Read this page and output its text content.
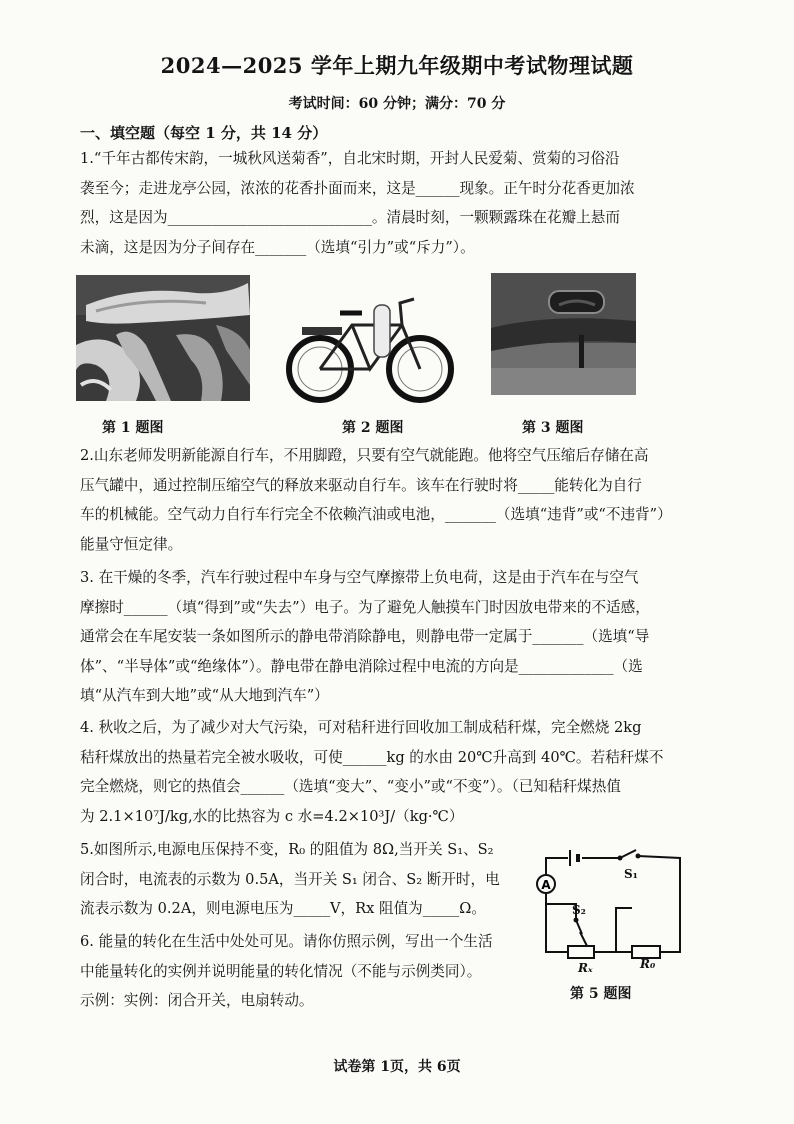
2024—2025 学年上期九年级期中考试物理试题
考试时间：60 分钟；满分：70 分
一、填空题（每空 1 分，共 14 分）
1.“千年古都传宋韵，一城秋风送菊香”，自北宋时期，开封人民爱菊、赏菊的习俗沿
袭至今；走进龙亭公园，浓浓的花香扑面而来，这是______现象。正午时分花香更加浓
烈，这是因为____________________________。清晨时刻，一颗颗露珠在花瓣上悬而
未滴，这是因为分子间存在_______（选填“引力”或“斥力”）。
第 1 题图	第 2 题图	第 3 题图
2.山东老师发明新能源自行车，不用脚蹬，只要有空气就能跑。他将空气压缩后存储在高
压气罐中，通过控制压缩空气的释放来驱动自行车。该车在行驶时将_____能转化为自行
车的机械能。空气动力自行车行完全不依赖汽油或电池，_______（选填“违背”或“不违背”）
能量守恒定律。
3. 在干燥的冬季，汽车行驶过程中车身与空气摩擦带上负电荷，这是由于汽车在与空气
摩擦时______（填“得到”或“失去”）电子。为了避免人触摸车门时因放电带来的不适感，
通常会在车尾安装一条如图所示的静电带消除静电，则静电带一定属于_______（选填“导
体”、“半导体”或“绝缘体”）。静电带在静电消除过程中电流的方向是_____________（选
填“从汽车到大地”或“从大地到汽车”）
4. 秋收之后，为了减少对大气污染，可对秸秆进行回收加工制成秸秆煤，完全燃烧 2kg
秸秆煤放出的热量若完全被水吸收，可使______kg 的水由 20℃升高到 40℃。若秸秆煤不
完全燃烧，则它的热值会______（选填“变大”、“变小”或“不变”）。（已知秸秆煤热值
为 2.1×10⁷J/kg,水的比热容为 c 水=4.2×10³J/（kg·℃）
5.如图所示,电源电压保持不变，R₀ 的阻值为 8Ω,当开关 S₁、S₂
闭合时，电流表的示数为 0.5A，当开关 S₁ 闭合、S₂ 断开时，电
流表示数为 0.2A，则电源电压为_____V，Rx 阻值为_____Ω。
6. 能量的转化在生活中处处可见。请你仿照示例，写出一个生活
中能量转化的实例并说明能量的转化情况（不能与示例类同）。
示例：实例：闭合开关，电扇转动。
A
S₁
S₂
Rₓ	R₀
第 5 题图
试卷第 1页，共 6页
